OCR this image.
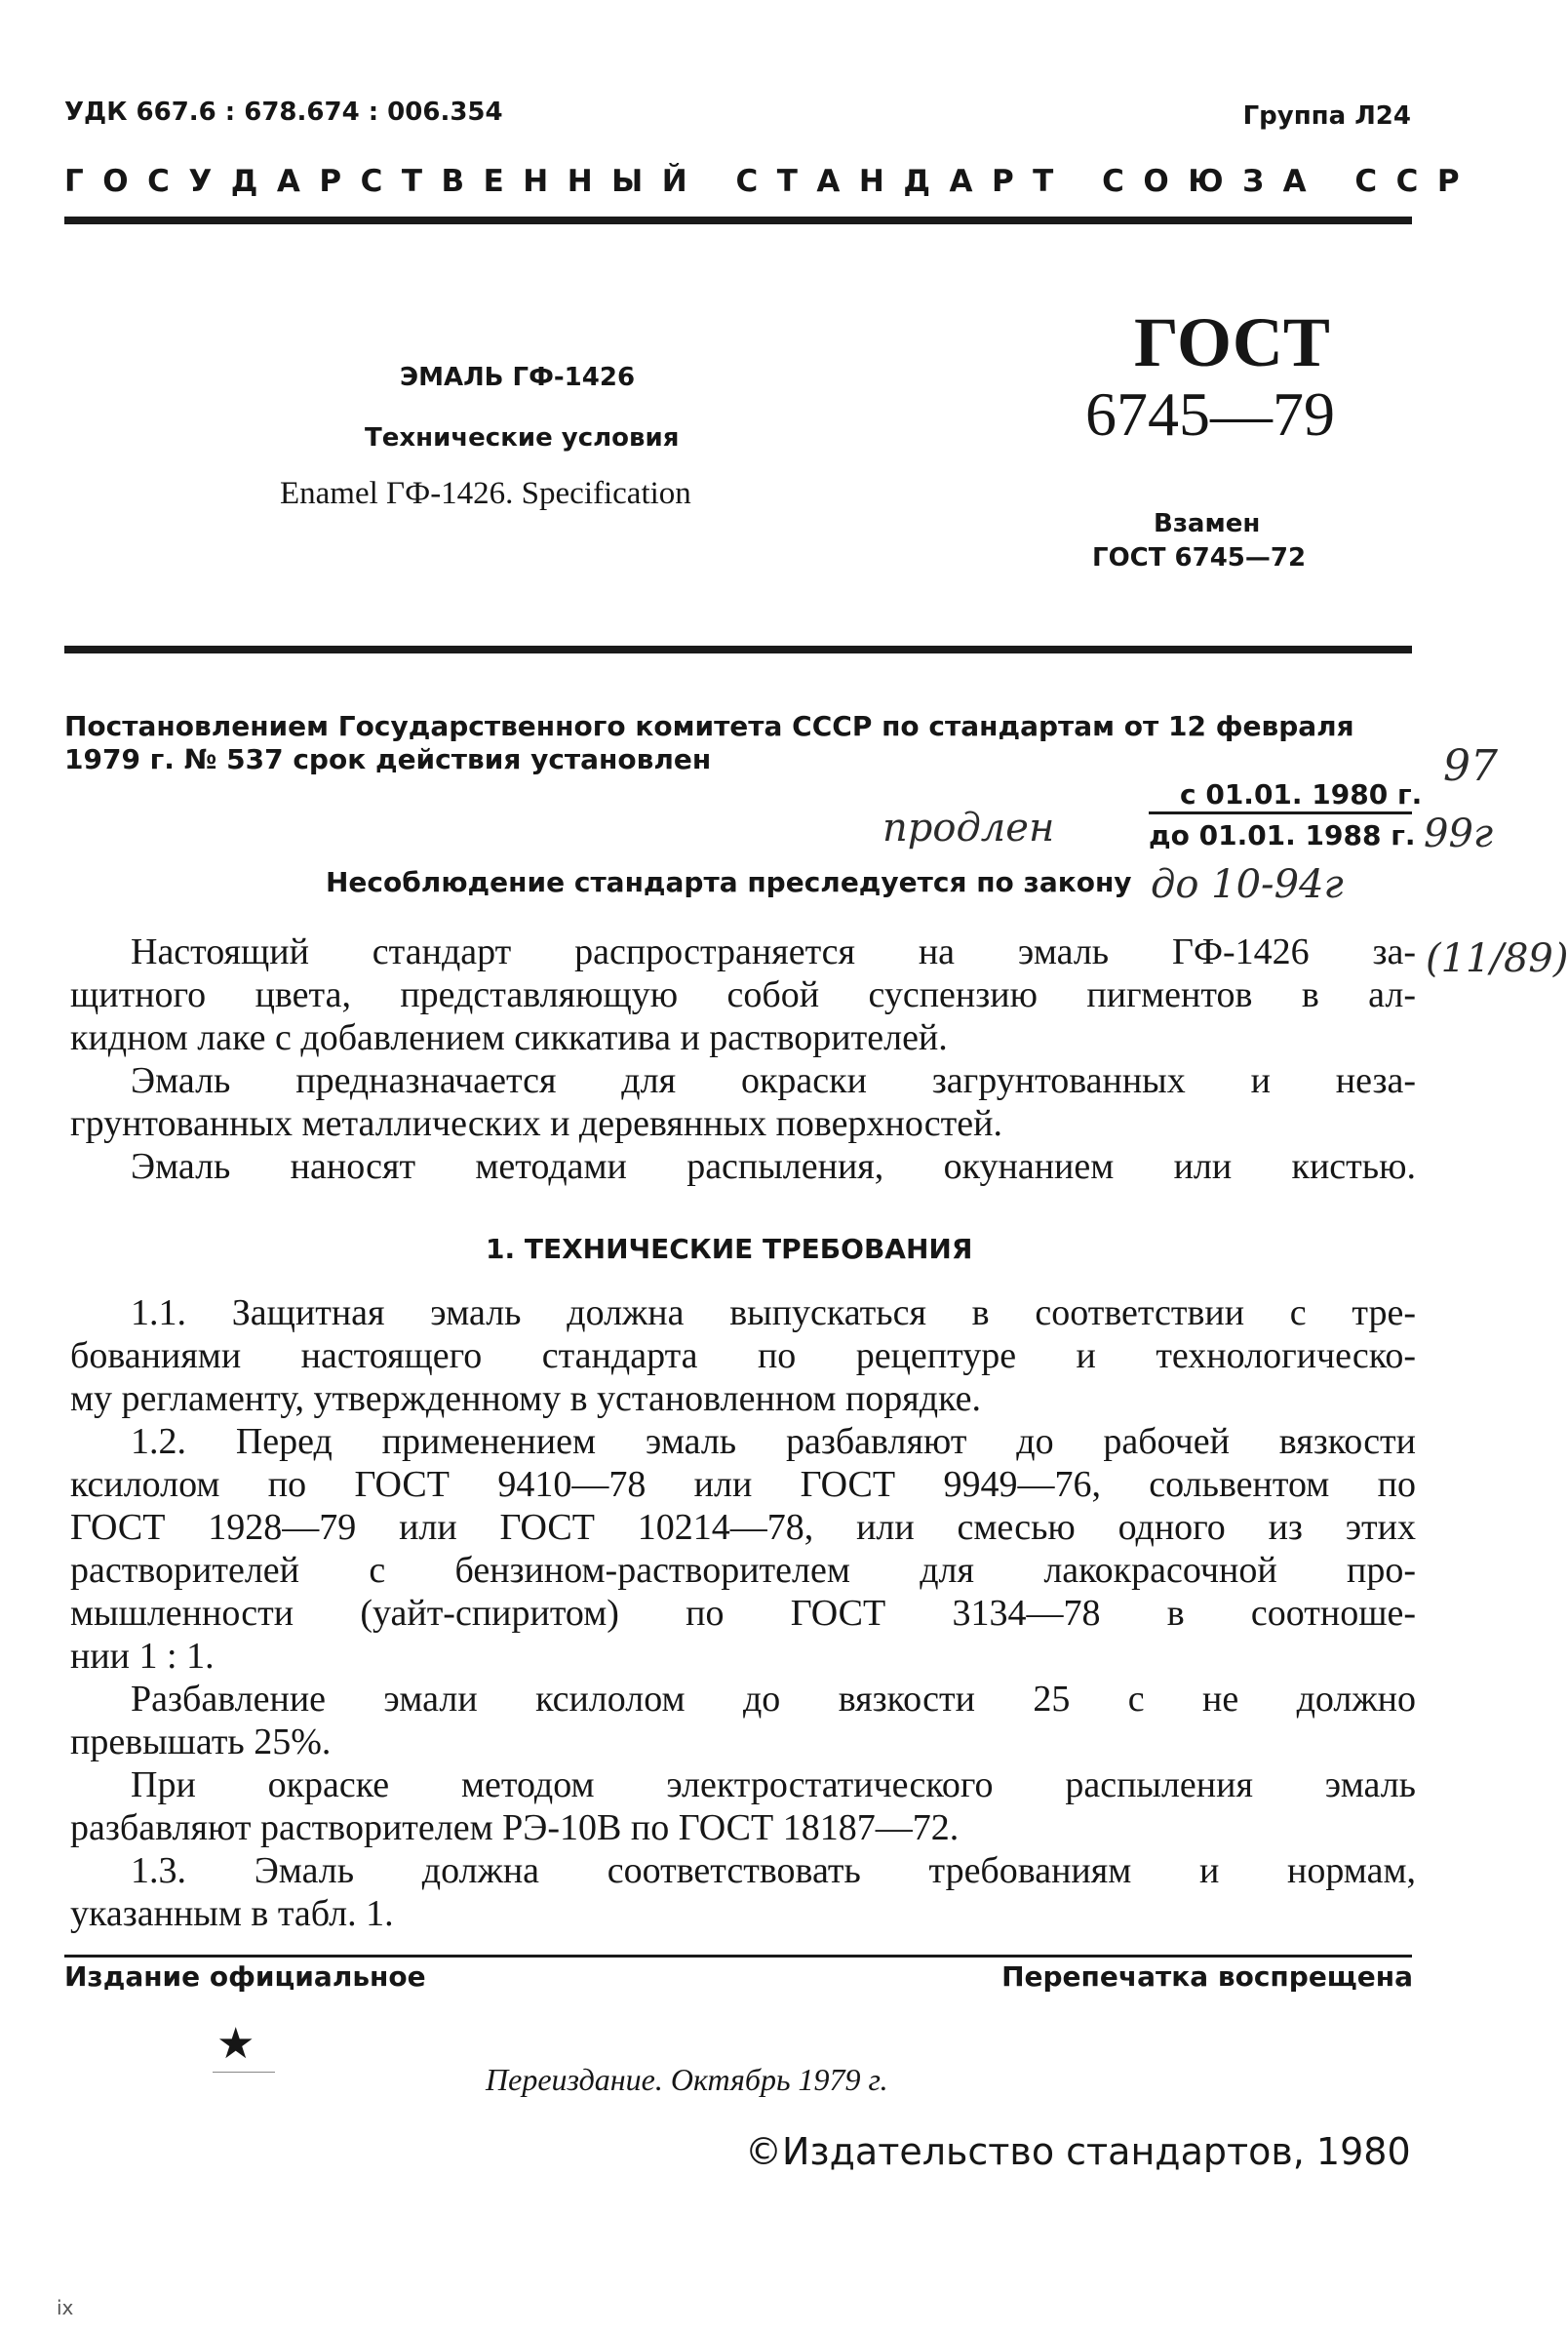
УДК 667.6 : 678.674 : 006.354	Группа Л24
ГОСУДАРСТВЕННЫЙ СТАНДАРТ СОЮЗА ССР
ЭМАЛЬ ГФ-1426
Технические условия
Enamel ГФ-1426. Specification
ГОСТ
6745—79
Взамен
ГОСТ 6745—72
Постановлением Государственного комитета СССР по стандартам от 12 февраля
1979 г. № 537 срок действия установлен
с 01.01. 1980 г.
до 01.01. 1988 г.
Несоблюдение стандарта преследуется по закону
97
продлен	99г
до 10-94г
(11/89)
Настоящий стандарт распространяется на эмаль ГФ-1426 за-
щитного цвета, представляющую собой суспензию пигментов в ал-
кидном лаке с добавлением сиккатива и растворителей.
Эмаль предназначается для окраски загрунтованных и неза-
грунтованных металлических и деревянных поверхностей.
Эмаль наносят методами распыления, окунанием или кистью.
1. ТЕХНИЧЕСКИЕ ТРЕБОВАНИЯ
1.1. Защитная эмаль должна выпускаться в соответствии с тре-
бованиями настоящего стандарта по рецептуре и технологическо-
му регламенту, утвержденному в установленном порядке.
1.2. Перед применением эмаль разбавляют до рабочей вязкости
ксилолом по ГОСТ 9410—78 или ГОСТ 9949—76, сольвентом по
ГОСТ 1928—79 или ГОСТ 10214—78, или смесью одного из этих
растворителей с бензином-растворителем для лакокрасочной про-
мышленности (уайт-спиритом) по ГОСТ 3134—78 в соотноше-
нии 1 : 1.
Разбавление эмали ксилолом до вязкости 25 с не должно
превышать 25%.
При окраске методом электростатического распыления эмаль
разбавляют растворителем РЭ-10В по ГОСТ 18187—72.
1.3. Эмаль должна соответствовать требованиям и нормам,
указанным в табл. 1.
Издание официальное	Перепечатка воспрещена
★
Переиздание. Октябрь 1979 г.
©Издательство стандартов, 1980
ix
